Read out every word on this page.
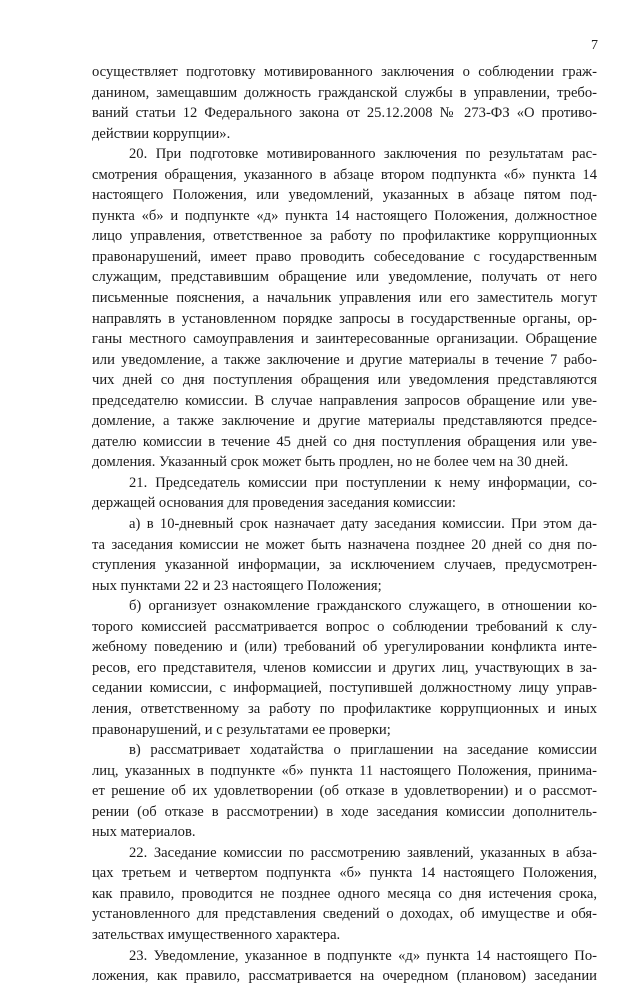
7
осуществляет подготовку мотивированного заключения о соблюдении граж-
данином, замещавшим должность гражданской службы в управлении, требо-
ваний статьи 12 Федерального закона от 25.12.2008 № 273-ФЗ «О противо-
действии коррупции».
20. При подготовке мотивированного заключения по результатам рас-
смотрения обращения, указанного в абзаце втором подпункта «б» пункта 14
настоящего Положения, или уведомлений, указанных в абзаце пятом под-
пункта «б» и подпункте «д» пункта 14 настоящего Положения, должностное
лицо управления, ответственное за работу по профилактике коррупционных
правонарушений, имеет право проводить собеседование с государственным
служащим, представившим обращение или уведомление, получать от него
письменные пояснения, а начальник управления или его заместитель могут
направлять в установленном порядке запросы в государственные органы, ор-
ганы местного самоуправления и заинтересованные организации. Обращение
или уведомление, а также заключение и другие материалы в течение 7 рабо-
чих дней со дня поступления обращения или уведомления представляются
председателю комиссии. В случае направления запросов обращение или уве-
домление, а также заключение и другие материалы представляются предсе-
дателю комиссии в течение 45 дней со дня поступления обращения или уве-
домления. Указанный срок может быть продлен, но не более чем на 30 дней.
21. Председатель комиссии при поступлении к нему информации, со-
держащей основания для проведения заседания комиссии:
а) в 10-дневный срок назначает дату заседания комиссии. При этом да-
та заседания комиссии не может быть назначена позднее 20 дней со дня по-
ступления указанной информации, за исключением случаев, предусмотрен-
ных пунктами 22 и 23 настоящего Положения;
б) организует ознакомление гражданского служащего, в отношении ко-
торого комиссией рассматривается вопрос о соблюдении требований к слу-
жебному поведению и (или) требований об урегулировании конфликта инте-
ресов, его представителя, членов комиссии и других лиц, участвующих в за-
седании комиссии, с информацией, поступившей должностному лицу управ-
ления, ответственному за работу по профилактике коррупционных и иных
правонарушений, и с результатами ее проверки;
в) рассматривает ходатайства о приглашении на заседание комиссии
лиц, указанных в подпункте «б» пункта 11 настоящего Положения, принима-
ет решение об их удовлетворении (об отказе в удовлетворении) и о рассмот-
рении (об отказе в рассмотрении) в ходе заседания комиссии дополнитель-
ных материалов.
22. Заседание комиссии по рассмотрению заявлений, указанных в абза-
цах третьем и четвертом подпункта «б» пункта 14 настоящего Положения,
как правило, проводится не позднее одного месяца со дня истечения срока,
установленного для представления сведений о доходах, об имуществе и обя-
зательствах имущественного характера.
23. Уведомление, указанное в подпункте «д» пункта 14 настоящего По-
ложения, как правило, рассматривается на очередном (плановом) заседании
